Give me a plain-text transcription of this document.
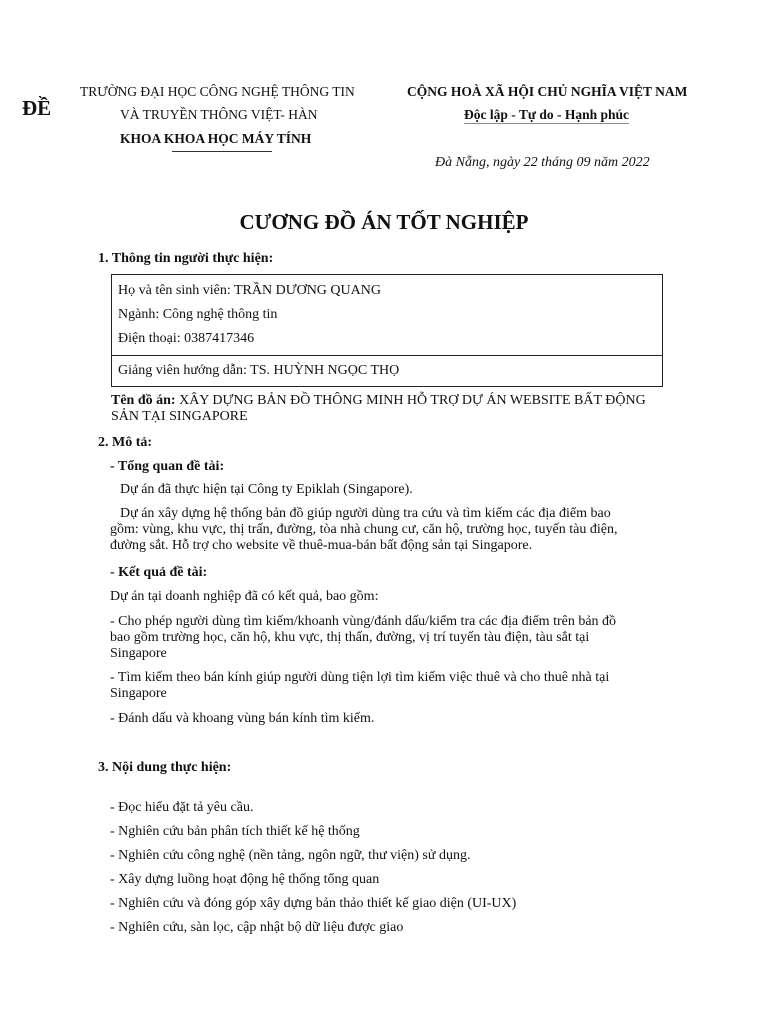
ĐỀ
TRƯỜNG ĐẠI HỌC CÔNG NGHỆ THÔNG TIN
VÀ TRUYỀN THÔNG VIỆT- HÀN
KHOA KHOA HỌC MÁY TÍNH
CỘNG HOÀ XÃ HỘI CHỦ NGHĨA VIỆT NAM
Độc lập - Tự do - Hạnh phúc
Đà Nẵng, ngày 22 tháng 09 năm 2022
CƯƠNG ĐỒ ÁN TỐT NGHIỆP
1. Thông tin người thực hiện:
Họ và tên sinh viên: TRẦN DƯƠNG QUANG
Ngành: Công nghệ thông tin
Điện thoại: 0387417346
Giảng viên hướng dẫn: TS. HUỲNH NGỌC THỌ
Tên đồ án: XÂY DỰNG BẢN ĐỒ THÔNG MINH HỖ TRỢ DỰ ÁN WEBSITE BẤT ĐỘNG
SẢN TẠI SINGAPORE
2. Mô tả:
- Tổng quan đề tài:
Dự án đã thực hiện tại Công ty Epiklah (Singapore).
Dự án xây dựng hệ thống bản đồ giúp người dùng tra cứu và tìm kiếm các địa điểm bao
gồm: vùng, khu vực, thị trấn, đường, tòa nhà chung cư, căn hộ, trường học, tuyến tàu điện,
đường sắt. Hỗ trợ cho website về thuê-mua-bán bất động sản tại Singapore.
- Kết quả đề tài:
Dự án tại doanh nghiệp đã có kết quả, bao gồm:
- Cho phép người dùng tìm kiếm/khoanh vùng/đánh dấu/kiểm tra các địa điểm trên bản đồ
bao gồm trường học, căn hộ, khu vực, thị thấn, đường, vị trí tuyến tàu điện, tàu sắt tại
Singapore
- Tìm kiếm theo bán kính giúp người dùng tiện lợi tìm kiếm việc thuê và cho thuê nhà tại
Singapore
- Đánh dấu và khoang vùng bán kính tìm kiếm.
3. Nội dung thực hiện:
- Đọc hiểu đặt tả yêu cầu.
- Nghiên cứu bản phân tích thiết kế hệ thống
- Nghiên cứu công nghệ (nền tảng, ngôn ngữ, thư viện) sử dụng.
- Xây dựng luồng hoạt động hệ thống tổng quan
- Nghiên cứu và đóng góp xây dựng bản thảo thiết kế giao diện (UI-UX)
- Nghiên cứu, sàn lọc, cập nhật bộ dữ liệu được giao
